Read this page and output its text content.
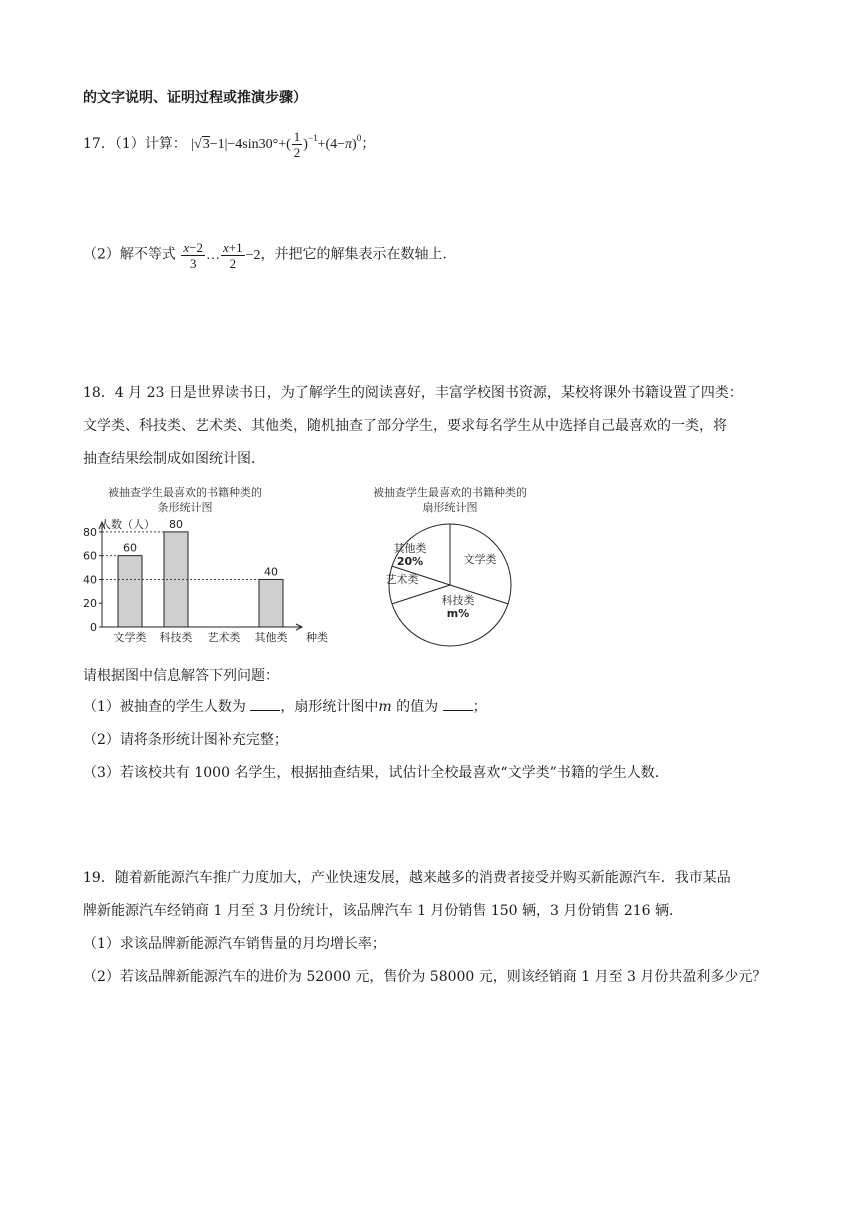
的文字说明、证明过程或推演步骤）
17．（1）计算： $|√3-1|-4\sin 30^\circ+( \frac{1}{2} )^{-1}+(4-\pi)^0$；
（2）解不等式 $\frac{x-2}{3}$ … $\frac{x+1}{2} -2$，并把它的解集表示在数轴上．
18．4 月 23 日是世界读书日，为了解学生的阅读喜好，丰富学校图书资源，某校将课外书籍设置了四类：
文学类、科技类、艺术类、其他类，随机抽查了部分学生，要求每名学生从中选择自己最喜欢的一类，将
抽查结果绘制成如图统计图．
被抽查学生最喜欢的书籍种类的
条形统计图
人数（人）
种类
0
20
40
60
80
文学类
60
科技类
80
艺术类 其他类
40
被抽查学生最喜欢的书籍种类的
扇形统计图
文学类
科技类
m%
艺术类
其他类
20%
请根据图中信息解答下列问题：
（1）被抽查的学生人数为 ，扇形统计图中m 的值为 ；
（2）请将条形统计图补充完整；
（3）若该校共有 1000 名学生，根据抽查结果，试估计全校最喜欢“文学类”书籍的学生人数．
19．随着新能源汽车推广力度加大，产业快速发展，越来越多的消费者接受并购买新能源汽车．我市某品
牌新能源汽车经销商 1 月至 3 月份统计，该品牌汽车 1 月份销售 150 辆，3 月份销售 216 辆．
（1）求该品牌新能源汽车销售量的月均增长率；
（2）若该品牌新能源汽车的进价为 52000 元，售价为 58000 元，则该经销商 1 月至 3 月份共盈利多少元？
